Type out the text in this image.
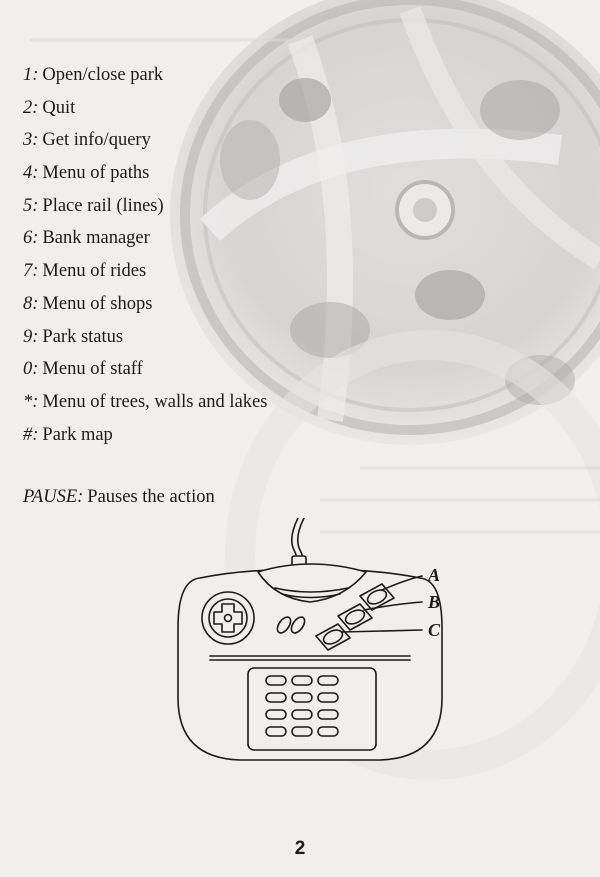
1: Open/close park
2: Quit
3: Get info/query
4: Menu of paths
5: Place rail (lines)
6: Bank manager
7: Menu of rides
8: Menu of shops
9: Park status
0: Menu of staff
*: Menu of trees, walls and lakes
#: Park map
PAUSE: Pauses the action
A
B
C
2
